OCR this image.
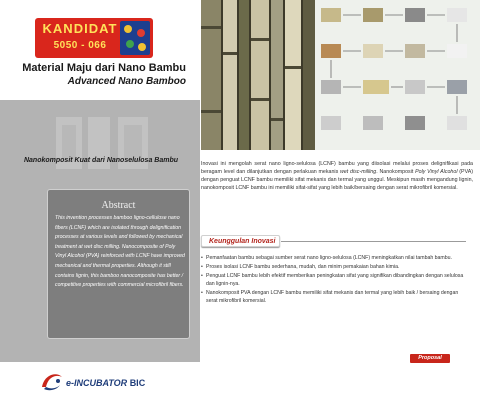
KANDIDAT
5050 - 066
Material Maju dari Nano Bambu
Advanced Nano Bamboo
Nanokomposit Kuat dari Nanoselulosa Bambu
Abstract
This invention processes bamboo ligno-cellulose nano fibers (LCNF) which are isolated through delignification processes at various levels and followed by mechanical treatment at wet disc milling. Nanocomposite of Poly Vinyl Alcohol (PVA) reinforced with LCNF have improved mechanical and thermal properties. Although it still contains lignin, this bamboo nanocomposite has better / competitive properties with commercial microfibril fibers.
e-INCUBATOR BIC
Inovasi ini mengolah serat nano ligno-selulosa (LCNF) bambu yang diisolasi melalui proses delignifikasi pada beragam level dan dilanjutkan dengan perlakuan mekanis wet disc-milling. Nanokomposit Poly Vinyl Alcohol (PVA) dengan penguat LCNF bambu memiliki sifat mekanis dan termal yang unggul. Meskipun masih mengandung lignin, nanokomposit LCNF bambu ini memiliki sifat-sifat yang lebih baik/bersaing dengan serat mikrofibril komersial.
Keunggulan Inovasi
• Pemanfaatan bambu sebagai sumber serat nano ligno-selulosa (LCNF) meningkatkan nilai tambah bambu.
• Proses isolasi LCNF bambu sederhana, mudah, dan minim pemakaian bahan kimia.
• Penguat LCNF bambu lebih efektif memberikan peningkatan sifat yang signifikan dibandingkan dengan selulosa dan lignin-nya.
• Nanokomposit PVA dengan LCNF bambu memiliki sifat mekanis dan termal yang lebih baik / bersaing dengan serat mikrofibril komersial.
Proposal
